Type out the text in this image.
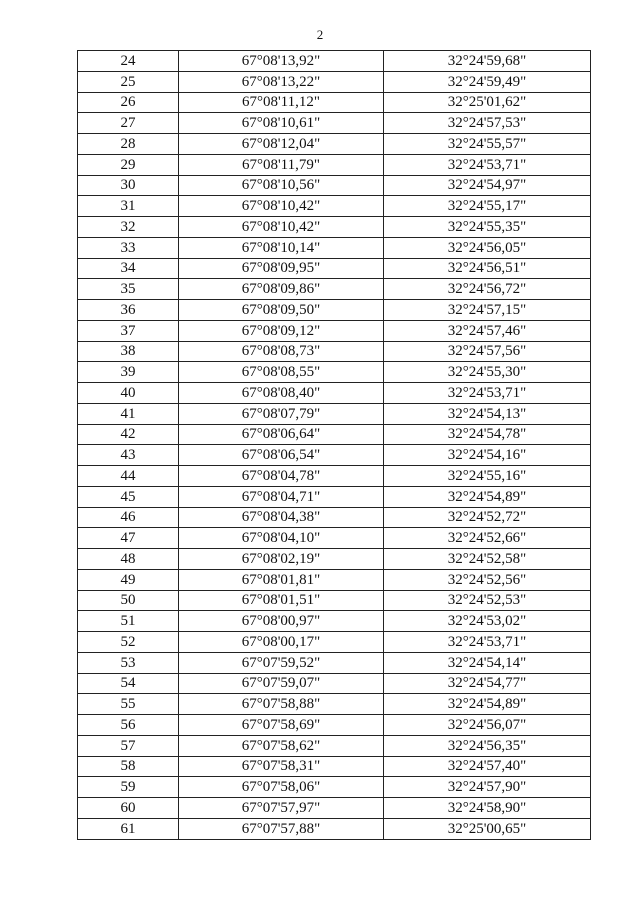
2
24	67°08'13,92"	32°24'59,68"
25	67°08'13,22"	32°24'59,49"
26	67°08'11,12"	32°25'01,62"
27	67°08'10,61"	32°24'57,53"
28	67°08'12,04"	32°24'55,57"
29	67°08'11,79"	32°24'53,71"
30	67°08'10,56"	32°24'54,97"
31	67°08'10,42"	32°24'55,17"
32	67°08'10,42"	32°24'55,35"
33	67°08'10,14"	32°24'56,05"
34	67°08'09,95"	32°24'56,51"
35	67°08'09,86"	32°24'56,72"
36	67°08'09,50"	32°24'57,15"
37	67°08'09,12"	32°24'57,46"
38	67°08'08,73"	32°24'57,56"
39	67°08'08,55"	32°24'55,30"
40	67°08'08,40"	32°24'53,71"
41	67°08'07,79"	32°24'54,13"
42	67°08'06,64"	32°24'54,78"
43	67°08'06,54"	32°24'54,16"
44	67°08'04,78"	32°24'55,16"
45	67°08'04,71"	32°24'54,89"
46	67°08'04,38"	32°24'52,72"
47	67°08'04,10"	32°24'52,66"
48	67°08'02,19"	32°24'52,58"
49	67°08'01,81"	32°24'52,56"
50	67°08'01,51"	32°24'52,53"
51	67°08'00,97"	32°24'53,02"
52	67°08'00,17"	32°24'53,71"
53	67°07'59,52"	32°24'54,14"
54	67°07'59,07"	32°24'54,77"
55	67°07'58,88"	32°24'54,89"
56	67°07'58,69"	32°24'56,07"
57	67°07'58,62"	32°24'56,35"
58	67°07'58,31"	32°24'57,40"
59	67°07'58,06"	32°24'57,90"
60	67°07'57,97"	32°24'58,90"
61	67°07'57,88"	32°25'00,65"
